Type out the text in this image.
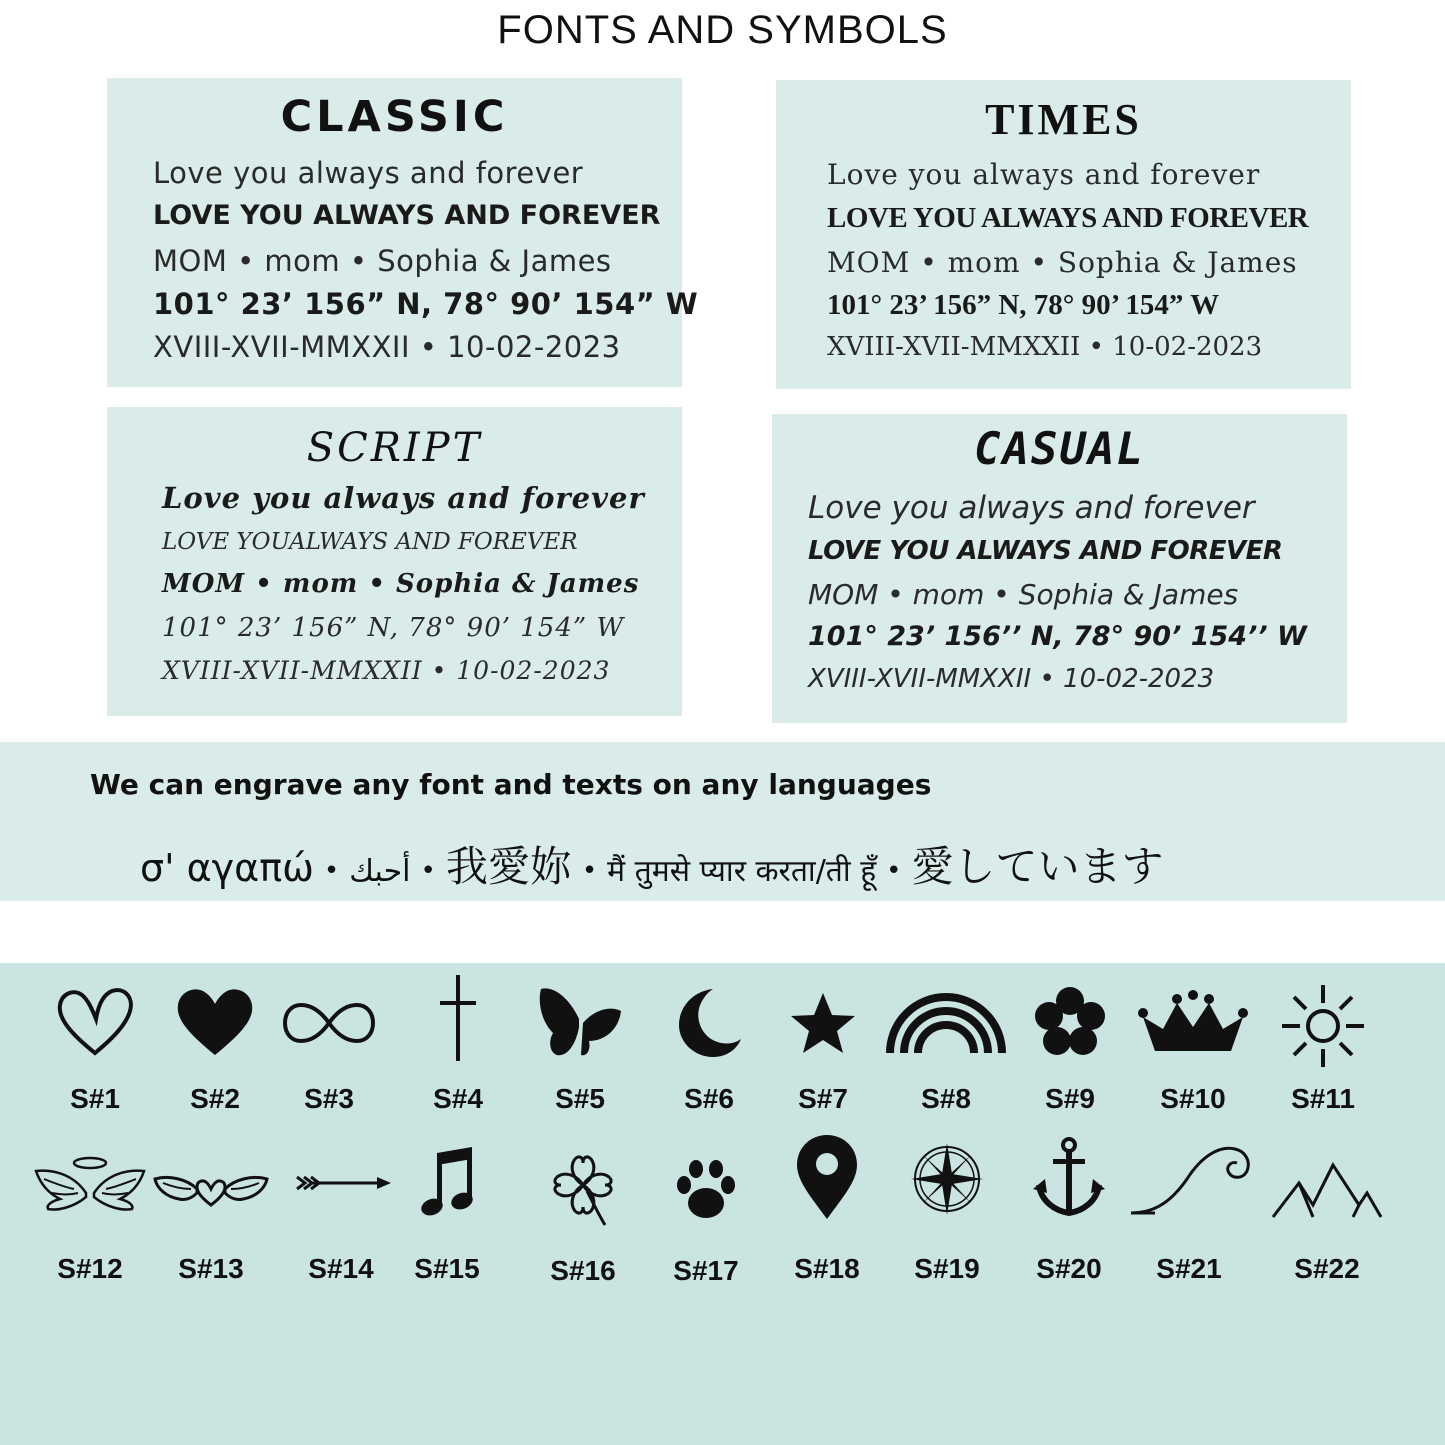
FONTS AND SYMBOLS
CLASSIC
Love you always and forever
LOVE YOU ALWAYS AND FOREVER
MOM • mom • Sophia & James
101° 23’ 156” N, 78° 90’ 154” W
XVIII-XVII-MMXXII • 10-02-2023
TIMES
Love you always and forever
LOVE YOU ALWAYS AND FOREVER
MOM • mom • Sophia & James
101° 23’ 156” N, 78° 90’ 154” W
XVIII-XVII-MMXXII • 10-02-2023
SCRIPT
Love you always and forever
LOVE YOUALWAYS AND FOREVER
MOM • mom • Sophia & James
101° 23’ 156” N, 78° 90’ 154” W
XVIII-XVII-MMXXII • 10-02-2023
CASUAL
Love you always and forever
LOVE YOU ALWAYS AND FOREVER
MOM • mom • Sophia & James
101° 23’ 156’’ N, 78° 90’ 154’’ W
XVIII-XVII-MMXXII • 10-02-2023
We can engrave any font and texts on any languages
σ' αγαπώ • أحبك • 我愛妳 • मैं तुमसे प्यार करता/ती हूँ • 愛しています
S#1	S#2	S#3	S#4	S#5	S#6	S#7	S#8	S#9	S#10	S#11
S#12	S#13	S#14	S#15	S#16	S#17	S#18	S#19	S#20	S#21	S#22
